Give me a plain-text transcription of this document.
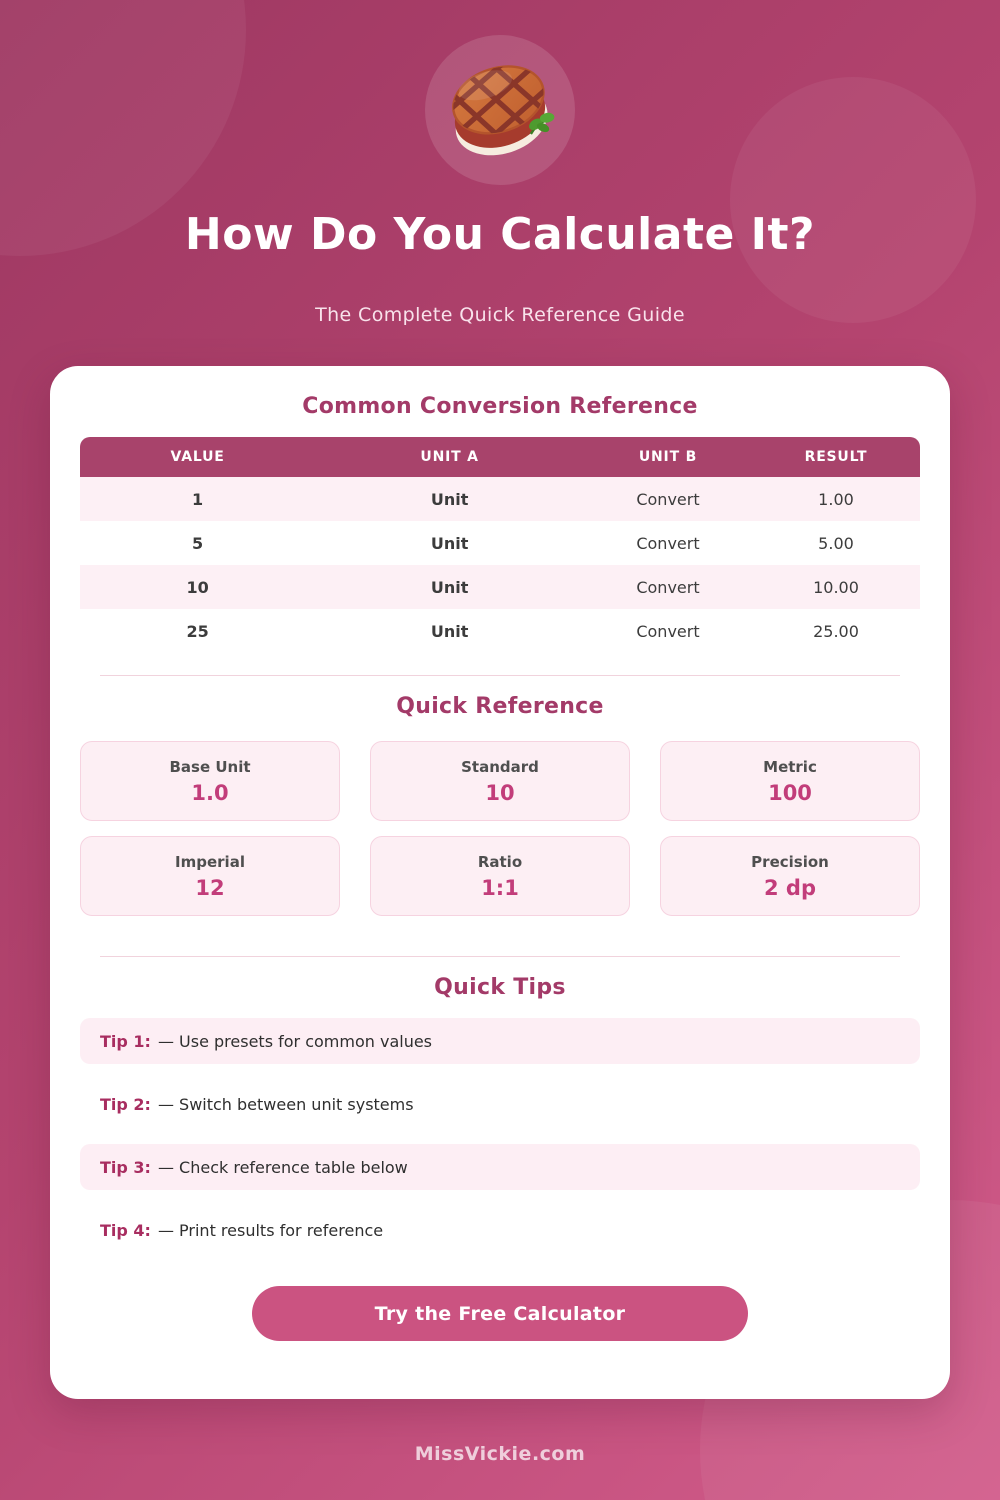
How Do You Calculate It?
The Complete Quick Reference Guide
Common Conversion Reference
VALUE	UNIT A	UNIT B	RESULT
1	Unit	Convert	1.00
5	Unit	Convert	5.00
10	Unit	Convert	10.00
25	Unit	Convert	25.00
Quick Reference
Base Unit
1.0
Standard
10
Metric
100
Imperial
12
Ratio
1:1
Precision
2 dp
Quick Tips
Tip 1: — Use presets for common values
Tip 2: — Switch between unit systems
Tip 3: — Check reference table below
Tip 4: — Print results for reference
Try the Free Calculator
MissVickie.com
